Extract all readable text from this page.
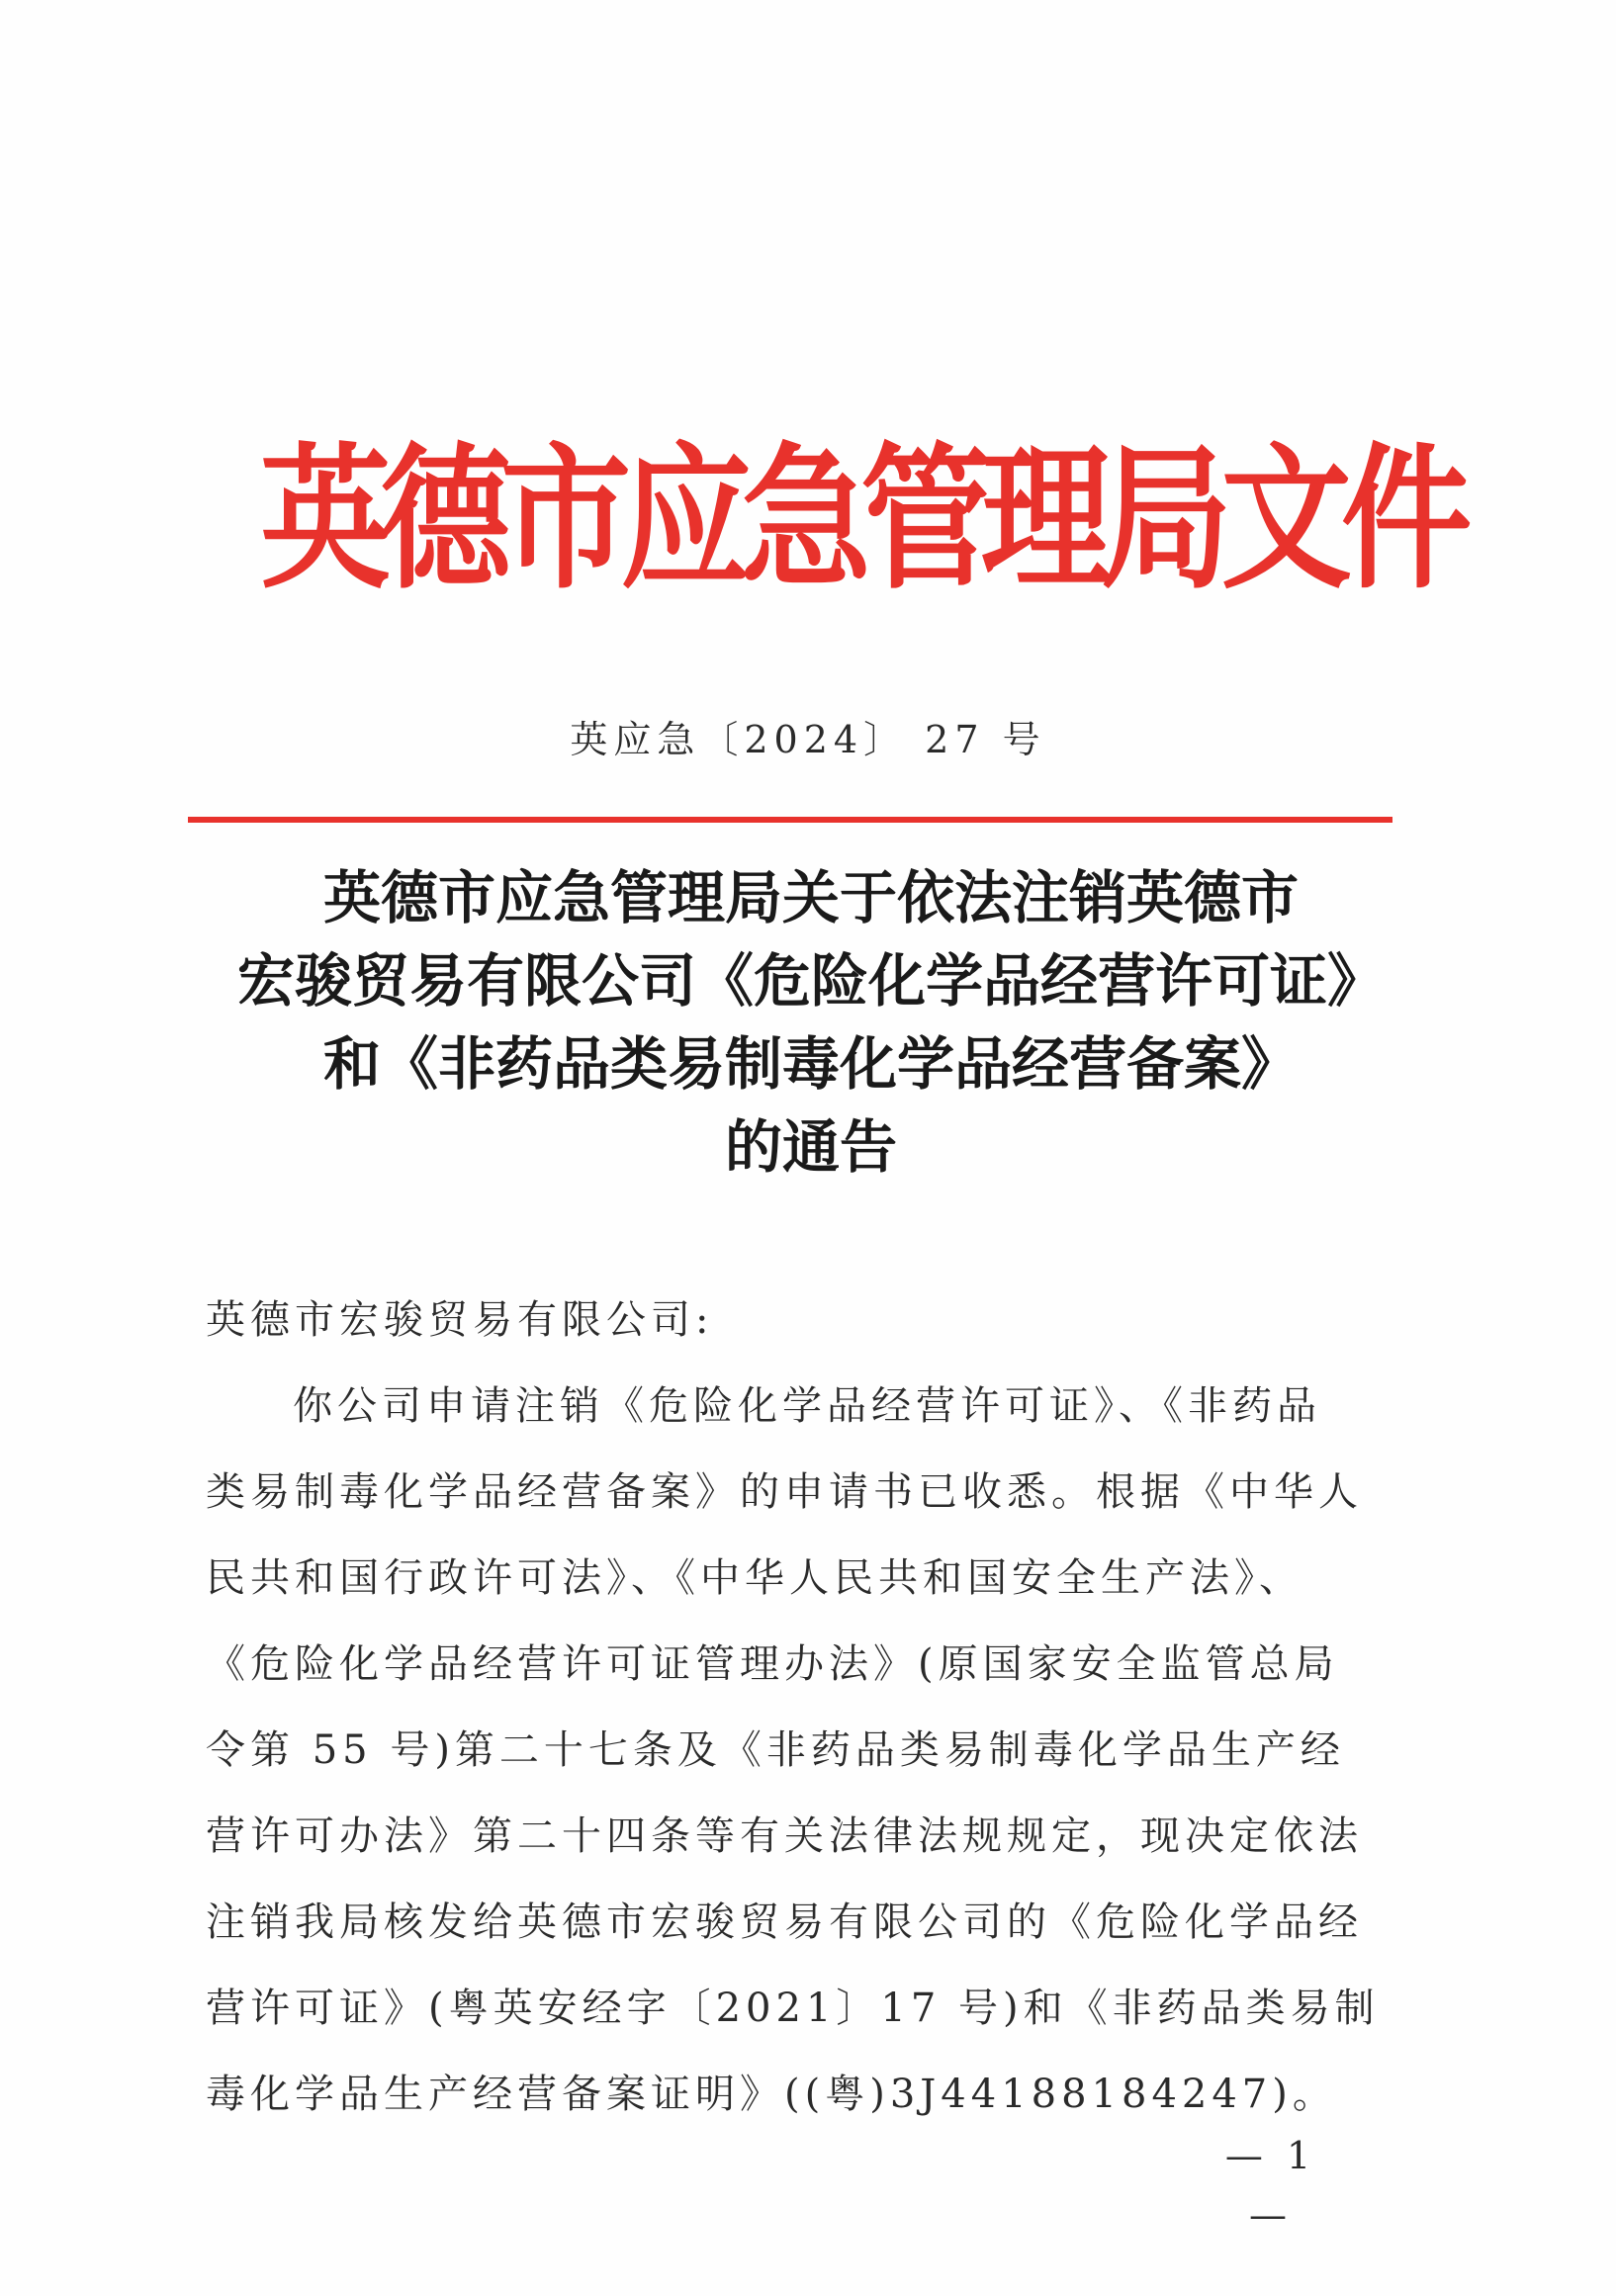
英德市应急管理局文件
英应急〔2024〕 27 号
英德市应急管理局关于依法注销英德市
宏骏贸易有限公司《危险化学品经营许可证》
和《非药品类易制毒化学品经营备案》
的通告
英德市宏骏贸易有限公司:
你公司申请注销《危险化学品经营许可证》、《非药品
类易制毒化学品经营备案》的申请书已收悉。根据《中华人
民共和国行政许可法》、《中华人民共和国安全生产法》、
《危险化学品经营许可证管理办法》(原国家安全监管总局
令第 55 号)第二十七条及《非药品类易制毒化学品生产经
营许可办法》第二十四条等有关法律法规规定，现决定依法
注销我局核发给英德市宏骏贸易有限公司的《危险化学品经
营许可证》(粤英安经字〔2021〕17 号)和《非药品类易制
毒化学品生产经营备案证明》((粤)3J44188184247)。
— 1 —
